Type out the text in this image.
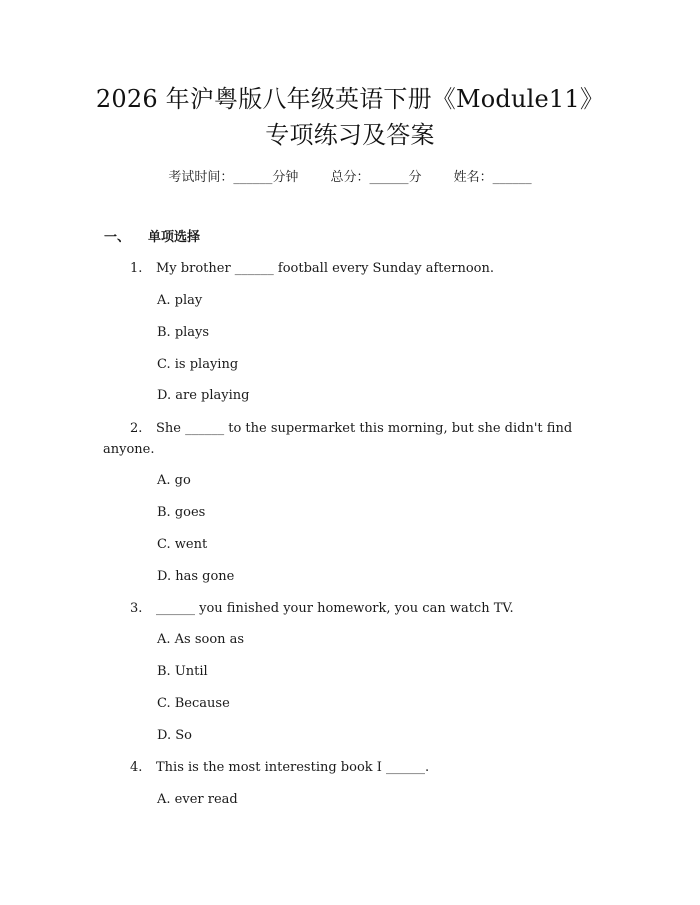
2026 年沪粤版八年级英语下册《Module11》
专项练习及答案
考试时间：______分钟 总分：______分 姓名：______
一、 单项选择
1. My brother ______ football every Sunday afternoon.
A. play
B. plays
C. is playing
D. are playing
2. She ______ to the supermarket this morning, but she didn't find
anyone.
A. go
B. goes
C. went
D. has gone
3. ______ you finished your homework, you can watch TV.
A. As soon as
B. Until
C. Because
D. So
4. This is the most interesting book I ______.
A. ever read
